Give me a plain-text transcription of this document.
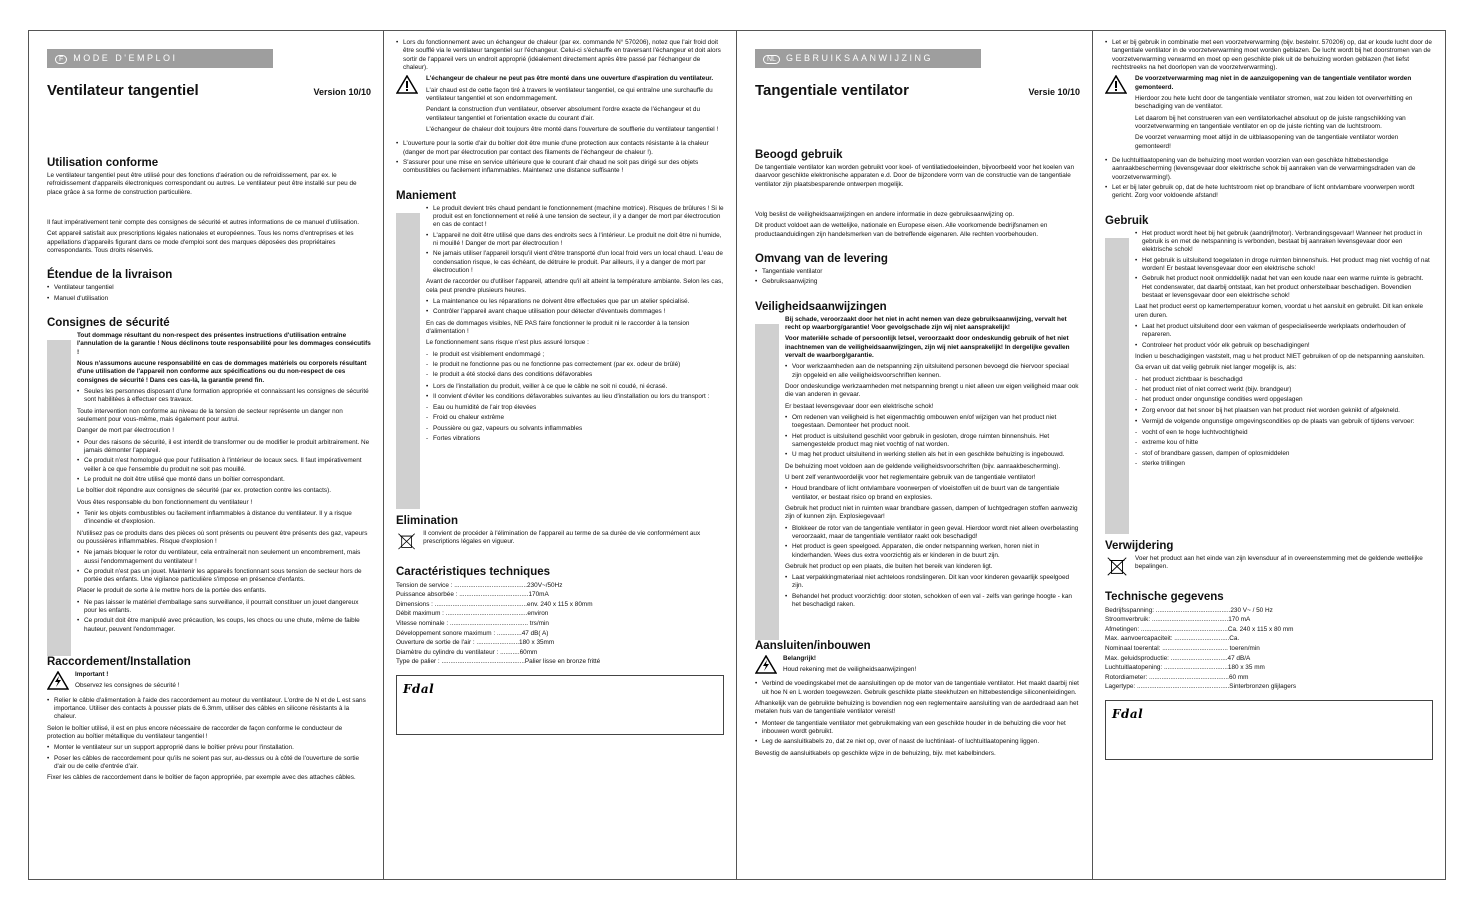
F MODE D'EMPLOI
Ventilateur tangentiel	Version 10/10
Utilisation conforme

Le ventilateur tangentiel peut être utilisé pour des fonctions d'aération ou de refroidissement, par ex. le refroidissement d'appareils électroniques correspondant ou autres. Le ventilateur peut être installé sur peu de place grâce à sa forme de construction particulière.

Il faut impérativement tenir compte des consignes de sécurité et autres informations de ce manuel d'utilisation.

Cet appareil satisfait aux prescriptions légales nationales et européennes. Tous les noms d'entreprises et les appellations d'appareils figurant dans ce mode d'emploi sont des marques déposées des propriétaires correspondants. Tous droits réservés.

Étendue de la livraison
• Ventilateur tangentiel
• Manuel d'utilisation
Consignes de sécurité

Tout dommage résultant du non-respect des présentes instructions d'utilisation entraîne l'annulation de la garantie ! Nous déclinons toute responsabilité pour les dommages consécutifs !

Nous n'assumons aucune responsabilité en cas de dommages matériels ou corporels résultant d'une utilisation de l'appareil non conforme aux spécifications ou du non-respect de ces consignes de sécurité ! Dans ces cas-là, la garantie prend fin.

• Seules les personnes disposant d'une formation appropriée et connaissant les consignes de sécurité sont habilitées à effectuer ces travaux.

Toute intervention non conforme au niveau de la tension de secteur représente un danger non seulement pour vous-même, mais également pour autrui.

Danger de mort par électrocution !

• Pour des raisons de sécurité, il est interdit de transformer ou de modifier le produit arbitrairement. Ne jamais démonter l'appareil.
• Ce produit n'est homologué que pour l'utilisation à l'intérieur de locaux secs. Il faut impérativement veiller à ce que l'ensemble du produit ne soit pas mouillé.
• Le produit ne doit être utilisé que monté dans un boîtier correspondant.

Le boîtier doit répondre aux consignes de sécurité (par ex. protection contre les contacts).

Vous êtes responsable du bon fonctionnement du ventilateur !

• Tenir les objets combustibles ou facilement inflammables à distance du ventilateur. Il y a risque d'incendie et d'explosion.

N'utilisez pas ce produits dans des pièces où sont présents ou peuvent être présents des gaz, vapeurs ou poussières inflammables. Risque d'explosion !

• Ne jamais bloquer le rotor du ventilateur, cela entraînerait non seulement un encombrement, mais aussi l'endommagement du ventilateur !
• Ce produit n'est pas un jouet. Maintenir les appareils fonctionnant sous tension de secteur hors de portée des enfants. Une vigilance particulière s'impose en présence d'enfants.

Placer le produit de sorte à le mettre hors de la portée des enfants.

• Ne pas laisser le matériel d'emballage sans surveillance, il pourrait constituer un jouet dangereux pour les enfants.
• Ce produit doit être manipulé avec précaution, les coups, les chocs ou une chute, même de faible hauteur, peuvent l'endommager.
Raccordement/Installation

Important !

Observez les consignes de sécurité !

• Relier le câble d'alimentation à l'aide des raccordement au moteur du ventilateur. L'ordre de N et de L est sans importance. Utiliser des contacts à pousser plats de 6.3mm, utiliser des câbles en silicone résistants à la chaleur.

Selon le boîtier utilisé, il est en plus encore nécessaire de raccorder de façon conforme le conducteur de protection au boîtier métallique du ventilateur tangentiel !

• Monter le ventilateur sur un support approprié dans le boîtier prévu pour l'installation.
• Poser les câbles de raccordement pour qu'ils ne soient pas sur, au-dessus ou à côté de l'ouverture de sortie d'air ou de celle d'entrée d'air.

Fixer les câbles de raccordement dans le boîtier de façon appropriée, par exemple avec des attaches câbles.

• Lors du fonctionnement avec un échangeur de chaleur (par ex. commande N° 570206), notez que l'air froid doit être soufflé via le ventilateur tangentiel sur l'échangeur. Celui-ci s'échauffe en traversant l'échangeur et doit alors sortir de l'appareil vers un endroit approprié (idéalement directement après être passé par l'échangeur de chaleur).

L'échangeur de chaleur ne peut pas être monté dans une ouverture d'aspiration du ventilateur.

L'air chaud est de cette façon tiré à travers le ventilateur tangentiel, ce qui entraîne une surchauffe du ventilateur tangentiel et son endommagement.

Pendant la construction d'un ventilateur, observer absolument l'ordre exacte de l'échangeur et du ventilateur tangentiel et l'orientation exacte du courant d'air.

L'échangeur de chaleur doit toujours être monté dans l'ouverture de soufflerie du ventilateur tangentiel !

• L'ouverture pour la sortie d'air du boîtier doit être munie d'une protection aux contacts résistante à la chaleur (danger de mort par électrocution par contact des filaments de l'échangeur de chaleur !).
• S'assurer pour une mise en service ultérieure que le courant d'air chaud ne soit pas dirigé sur des objets combustibles ou facilement inflammables. Maintenez une distance suffisante !
Maniement
• Le produit devient très chaud pendant le fonctionnement (machine motrice). Risques de brûlures ! Si le produit est en fonctionnement et relié à une tension de secteur, il y a danger de mort par électrocution en cas de contact !
• L'appareil ne doit être utilisé que dans des endroits secs à l'intérieur. Le produit ne doit être ni humide, ni mouillé ! Danger de mort par électrocution !
• Ne jamais utiliser l'appareil lorsqu'il vient d'être transporté d'un local froid vers un local chaud. L'eau de condensation risque, le cas échéant, de détruire le produit. Par ailleurs, il y a danger de mort par électrocution !

Avant de raccorder ou d'utiliser l'appareil, attendre qu'il ait atteint la température ambiante. Selon les cas, cela peut prendre plusieurs heures.

• La maintenance ou les réparations ne doivent être effectuées que par un atelier spécialisé.
• Contrôler l'appareil avant chaque utilisation pour détecter d'éventuels dommages !

En cas de dommages visibles, NE PAS faire fonctionner le produit ni le raccorder à la tension d'alimentation !

Le fonctionnement sans risque n'est plus assuré lorsque :

- le produit est visiblement endommagé ;
- le produit ne fonctionne pas ou ne fonctionne pas correctement (par ex. odeur de brûlé)
- le produit a été stocké dans des conditions défavorables
• Lors de l'installation du produit, veiller à ce que le câble ne soit ni coudé, ni écrasé.
• Il convient d'éviter les conditions défavorables suivantes au lieu d'installation ou lors du transport :
- Eau ou humidité de l'air trop élevées
- Froid ou chaleur extrême
- Poussière ou gaz, vapeurs ou solvants inflammables
- Fortes vibrations
Elimination

Il convient de procéder à l'élimination de l'appareil au terme de sa durée de vie conformément aux prescriptions légales en vigueur.

Caractéristiques techniques
Tension de service : .........................................230V~/50Hz
Puissance absorbée : .......................................170mA
Dimensions : ....................................................env. 240 x 115 x 80mm
Débit maximum : ..............................................environ
Vitesse nominale : ............................................ trs/min
Développement sonore maximum : ..............47 dB( A)
Ouverture de sortie de l'air : ........................180 x 35mm
Diamètre du cylindre du ventilateur : ...........60mm
Type de palier : ...............................................Palier lisse en bronze fritté
Fdal
NL GEBRUIKSAANWIJZING
Tangentiale ventilator	Versie 10/10
Beoogd gebruik

De tangentiale ventilator kan worden gebruikt voor koel- of ventilatiedoeleinden, bijvoorbeeld voor het koelen van daarvoor geschikte elektronische apparaten e.d. Door de bijzondere vorm van de constructie van de tangentiale ventilator zijn plaatsbesparende ontwerpen mogelijk.

Volg beslist de veiligheidsaanwijzingen en andere informatie in deze gebruiksaanwijzing op.

Dit product voldoet aan de wettelijke, nationale en Europese eisen. Alle voorkomende bedrijfsnamen en productaanduidingen zijn handelsmerken van de betreffende eigenaren. Alle rechten voorbehouden.

Omvang van de levering
• Tangentiale ventilator
• Gebruiksaanwijzing
Veiligheidsaanwijzingen

Bij schade, veroorzaakt door het niet in acht nemen van deze gebruiksaanwijzing, vervalt het recht op waarborg/garantie! Voor gevolgschade zijn wij niet aansprakelijk!

Voor materiële schade of persoonlijk letsel, veroorzaakt door ondeskundig gebruik of het niet inachtnemen van de veiligheidsaanwijzingen, zijn wij niet aansprakelijk! In dergelijke gevallen vervalt de waarborg/garantie.

• Voor werkzaamheden aan de netspanning zijn uitsluitend personen bevoegd die hiervoor speciaal zijn opgeleid en alle veiligheidsvoorschriften kennen.

Door ondeskundige werkzaamheden met netspanning brengt u niet alleen uw eigen veiligheid maar ook die van anderen in gevaar.

Er bestaat levensgevaar door een elektrische schok!

• Om redenen van veiligheid is het eigenmachtig ombouwen en/of wijzigen van het product niet toegestaan. Demonteer het product nooit.
• Het product is uitsluitend geschikt voor gebruik in gesloten, droge ruimten binnenshuis. Het samengestelde product mag niet vochtig of nat worden.
• U mag het product uitsluitend in werking stellen als het in een geschikte behuizing is ingebouwd.

De behuizing moet voldoen aan de geldende veiligheidsvoorschriften (bijv. aanraakbescherming).

U bent zelf verantwoordelijk voor het reglementaire gebruik van de tangentiale ventilator!

• Houd brandbare of licht ontvlambare voorwerpen of vloeistoffen uit de buurt van de tangentiale ventilator, er bestaat risico op brand en explosies.

Gebruik het product niet in ruimten waar brandbare gassen, dampen of luchtgedragen stoffen aanwezig zijn of kunnen zijn. Explosiegevaar!

• Blokkeer de rotor van de tangentiale ventilator in geen geval. Hierdoor wordt niet alleen overbelasting veroorzaakt, maar de tangentiale ventilator raakt ook beschadigd!
• Het product is geen speelgoed. Apparaten, die onder netspanning werken, horen niet in kinderhanden. Wees dus extra voorzichtig als er kinderen in de buurt zijn.

Gebruik het product op een plaats, die buiten het bereik van kinderen ligt.

• Laat verpakkingmateriaal niet achteloos rondslingeren. Dit kan voor kinderen gevaarlijk speelgoed zijn.
• Behandel het product voorzichtig: door stoten, schokken of een val - zelfs van geringe hoogte - kan het beschadigd raken.
Aansluiten/inbouwen

Belangrijk!

Houd rekening met de veiligheidsaanwijzingen!

• Verbind de voedingskabel met de aansluitingen op de motor van de tangentiale ventilator. Het maakt daarbij niet uit hoe N en L worden toegewezen. Gebruik geschikte platte steekhulzen en hittebestendige siliconenleidingen.

Afhankelijk van de gebruikte behuizing is bovendien nog een reglementaire aansluiting van de aardedraad aan het metalen huis van de tangentiale ventilator vereist!

• Monteer de tangentiale ventilator met gebruikmaking van een geschikte houder in de behuizing die voor het inbouwen wordt gebruikt.
• Leg de aansluitkabels zo, dat ze niet op, over of naast de luchtinlaat- of luchtuitlaatopening liggen.

Bevestig de aansluitkabels op geschikte wijze in de behuizing, bijv. met kabelbinders.

• Let er bij gebruik in combinatie met een voorzetverwarming (bijv. bestelnr. 570206) op, dat er koude lucht door de tangentiale ventilator in de voorzetverwarming moet worden geblazen. De lucht wordt bij het doorstromen van de voorzetverwarming verwarmd en moet op een geschikte plek uit de behuizing worden geblazen (het liefst rechtstreeks na het doorlopen van de voorzetverwarming).

De voorzetverwarming mag niet in de aanzuigopening van de tangentiale ventilator worden gemonteerd.

Hierdoor zou hete lucht door de tangentiale ventilator stromen, wat zou leiden tot oververhitting en beschadiging van de ventilator.

Let daarom bij het construeren van een ventilatorkachel absoluut op de juiste rangschikking van voorzetverwarming en tangentiale ventilator en op de juiste richting van de luchtstroom.

De voorzet verwarming moet altijd in de uitblaasopening van de tangentiale ventilator worden gemonteerd!

• De luchtuitlaatopening van de behuizing moet worden voorzien van een geschikte hittebestendige aanraakbescherming (levensgevaar door elektrische schok bij aanraken van de verwarmingsdraden van de voorzetverwarming!).
• Let er bij later gebruik op, dat de hete luchtstroom niet op brandbare of licht ontvlambare voorwerpen wordt gericht. Zorg voor voldoende afstand!
Gebruik
• Het product wordt heet bij het gebruik (aandrijfmotor). Verbrandingsgevaar! Wanneer het product in gebruik is en met de netspanning is verbonden, bestaat bij aanraken levensgevaar door een elektrische schok!
• Het gebruik is uitsluitend toegelaten in droge ruimten binnenshuis. Het product mag niet vochtig of nat worden! Er bestaat levensgevaar door een elektrische schok!
• Gebruik het product nooit onmiddellijk nadat het van een koude naar een warme ruimte is gebracht. Het condenswater, dat daarbij ontstaat, kan het product onherstelbaar beschadigen. Bovendien bestaat er levensgevaar door een elektrische schok!

Laat het product eerst op kamertemperatuur komen, voordat u het aansluit en gebruikt. Dit kan enkele uren duren.

• Laat het product uitsluitend door een vakman of gespecialiseerde werkplaats onderhouden of repareren.
• Controleer het product vóór elk gebruik op beschadigingen!

Indien u beschadigingen vaststelt, mag u het product NIET gebruiken of op de netspanning aansluiten.

Ga ervan uit dat veilig gebruik niet langer mogelijk is, als:

- het product zichtbaar is beschadigd
- het product niet of niet correct werkt (bijv. brandgeur)
- het product onder ongunstige condities werd opgeslagen
• Zorg ervoor dat het snoer bij het plaatsen van het product niet worden geknikt of afgekneld.
• Vermijd de volgende ongunstige omgevingscondities op de plaats van gebruik of tijdens vervoer:
- vocht of een te hoge luchtvochtigheid
- extreme kou of hitte
- stof of brandbare gassen, dampen of oplosmiddelen
- sterke trillingen
Verwijdering

Voer het product aan het einde van zijn levensduur af in overeenstemming met de geldende wettelijke bepalingen.

Technische gegevens
Bedrijfsspanning: ..........................................230 V~ / 50 Hz
Stroomverbruik: ...........................................170 mA
Afmetingen: .................................................Ca. 240 x 115 x 80 mm
Max. aanvoercapaciteit: ...............................Ca.
Nominaal toerental: ..................................... toeren/min
Max. geluidsproductie: ................................47 dB/A
Luchtuitlaatopening: ....................................180 x 35 mm
Rotordiameter: .............................................60 mm
Lagertype: ....................................................Sinterbronzen glijlagers
Fdal
